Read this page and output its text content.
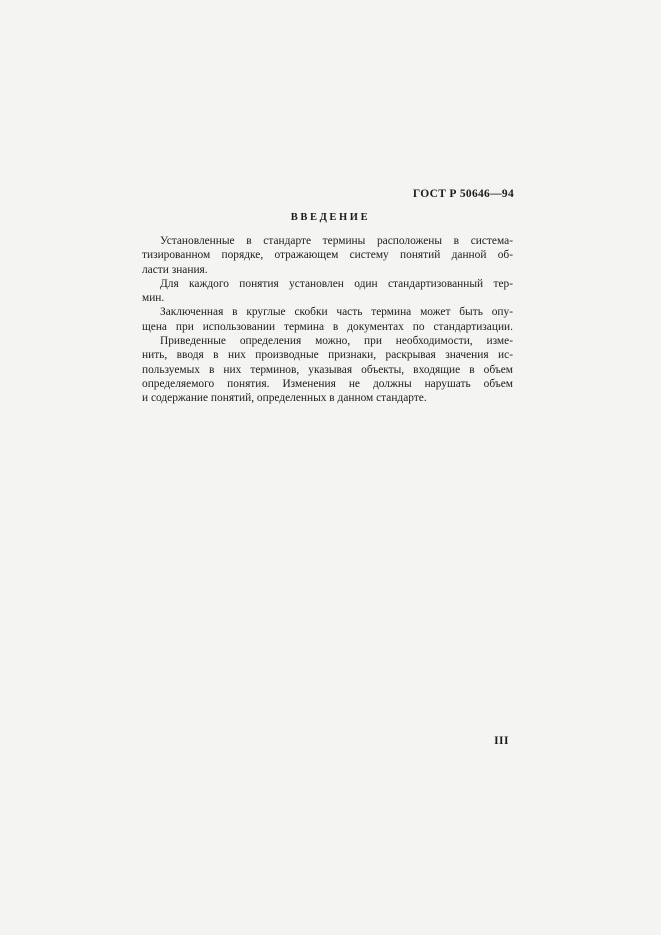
ГОСТ Р 50646—94
ВВЕДЕНИЕ
Установленные в стандарте термины расположены в системa-
тизированном порядке, отражающем систему понятий данной об-
ласти знания.
Для каждого понятия установлен один стандартизованный тер-
мин.
Заключенная в круглые скобки часть термина может быть опу-
щена при использовании термина в документах по стандартизации.
Приведенные определения можно, при необходимости, изме-
нить, вводя в них производные признаки, раскрывая значения ис-
пользуемых в них терминов, указывая объекты, входящие в объем
определяемого понятия. Изменения не должны нарушать объем
и содержание понятий, определенных в данном стандарте.
III
